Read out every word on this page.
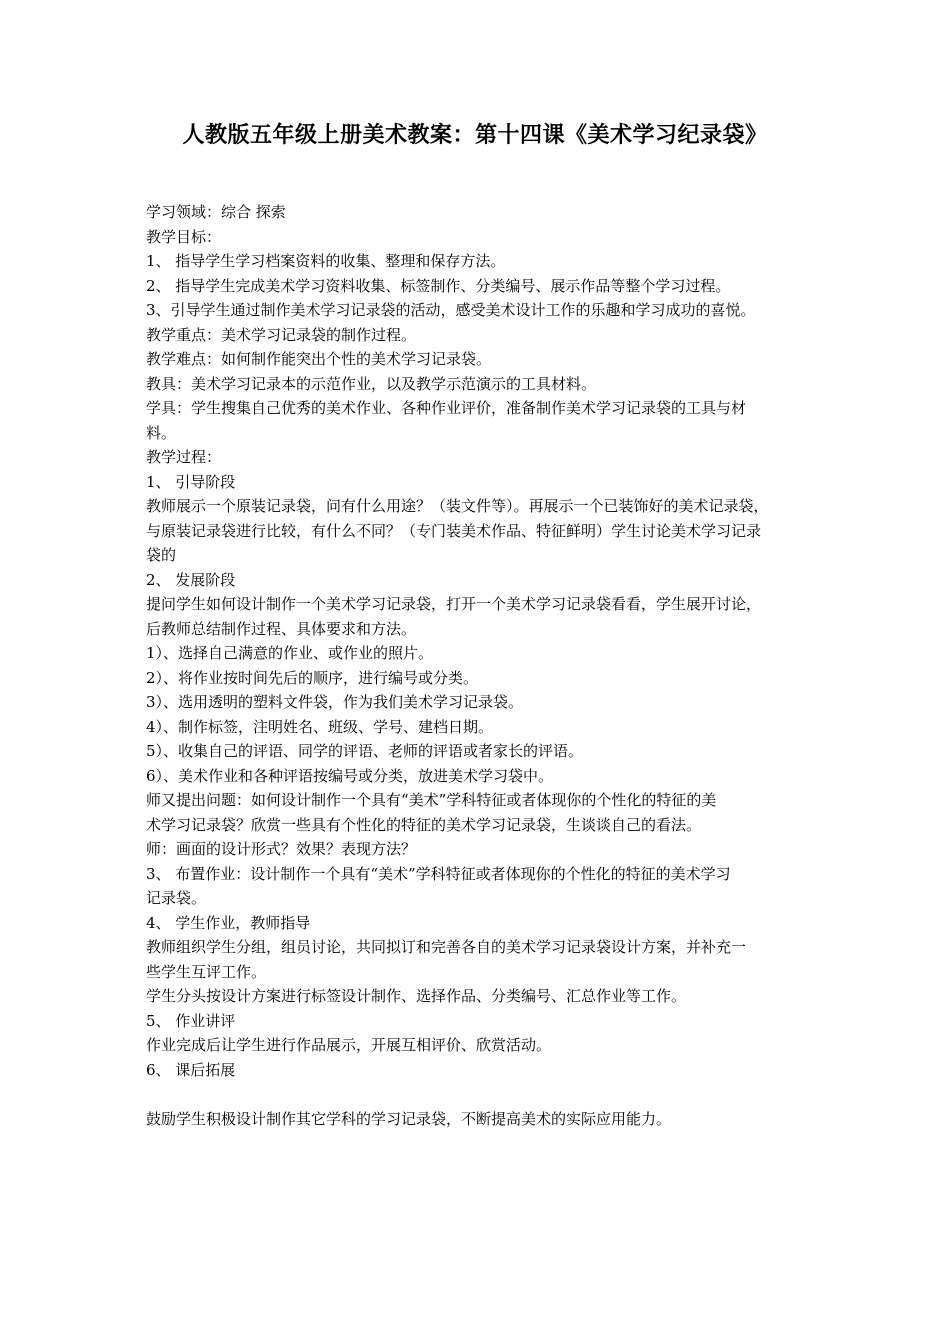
人教版五年级上册美术教案：第十四课《美术学习纪录袋》
学习领域：综合 探索
教学目标：
1、 指导学生学习档案资料的收集、整理和保存方法。
2、 指导学生完成美术学习资料收集、标签制作、分类编号、展示作品等整个学习过程。
3、引导学生通过制作美术学习记录袋的活动，感受美术设计工作的乐趣和学习成功的喜悦。
教学重点：美术学习记录袋的制作过程。
教学难点：如何制作能突出个性的美术学习记录袋。
教具：美术学习记录本的示范作业，以及教学示范演示的工具材料。
学具：学生搜集自己优秀的美术作业、各种作业评价，准备制作美术学习记录袋的工具与材
料。
教学过程：
1、 引导阶段
教师展示一个原装记录袋，问有什么用途？（装文件等）。再展示一个已装饰好的美术记录袋，
与原装记录袋进行比较，有什么不同？（专门装美术作品、特征鲜明）学生讨论美术学习记录
袋的
2、 发展阶段
提问学生如何设计制作一个美术学习记录袋，打开一个美术学习记录袋看看，学生展开讨论，
后教师总结制作过程、具体要求和方法。
1）、选择自己满意的作业、或作业的照片。
2）、将作业按时间先后的顺序，进行编号或分类。
3）、选用透明的塑料文件袋，作为我们美术学习记录袋。
4）、制作标签，注明姓名、班级、学号、建档日期。
5）、收集自己的评语、同学的评语、老师的评语或者家长的评语。
6）、美术作业和各种评语按编号或分类，放进美术学习袋中。
师又提出问题：如何设计制作一个具有“美术”学科特征或者体现你的个性化的特征的美
术学习记录袋？欣赏一些具有个性化的特征的美术学习记录袋，生谈谈自己的看法。
师：画面的设计形式？效果？表现方法？
3、 布置作业：设计制作一个具有“美术”学科特征或者体现你的个性化的特征的美术学习
记录袋。
4、 学生作业，教师指导
教师组织学生分组，组员讨论，共同拟订和完善各自的美术学习记录袋设计方案，并补充一
些学生互评工作。
学生分头按设计方案进行标签设计制作、选择作品、分类编号、汇总作业等工作。
5、 作业讲评
作业完成后让学生进行作品展示，开展互相评价、欣赏活动。
6、 课后拓展
鼓励学生积极设计制作其它学科的学习记录袋，不断提高美术的实际应用能力。
